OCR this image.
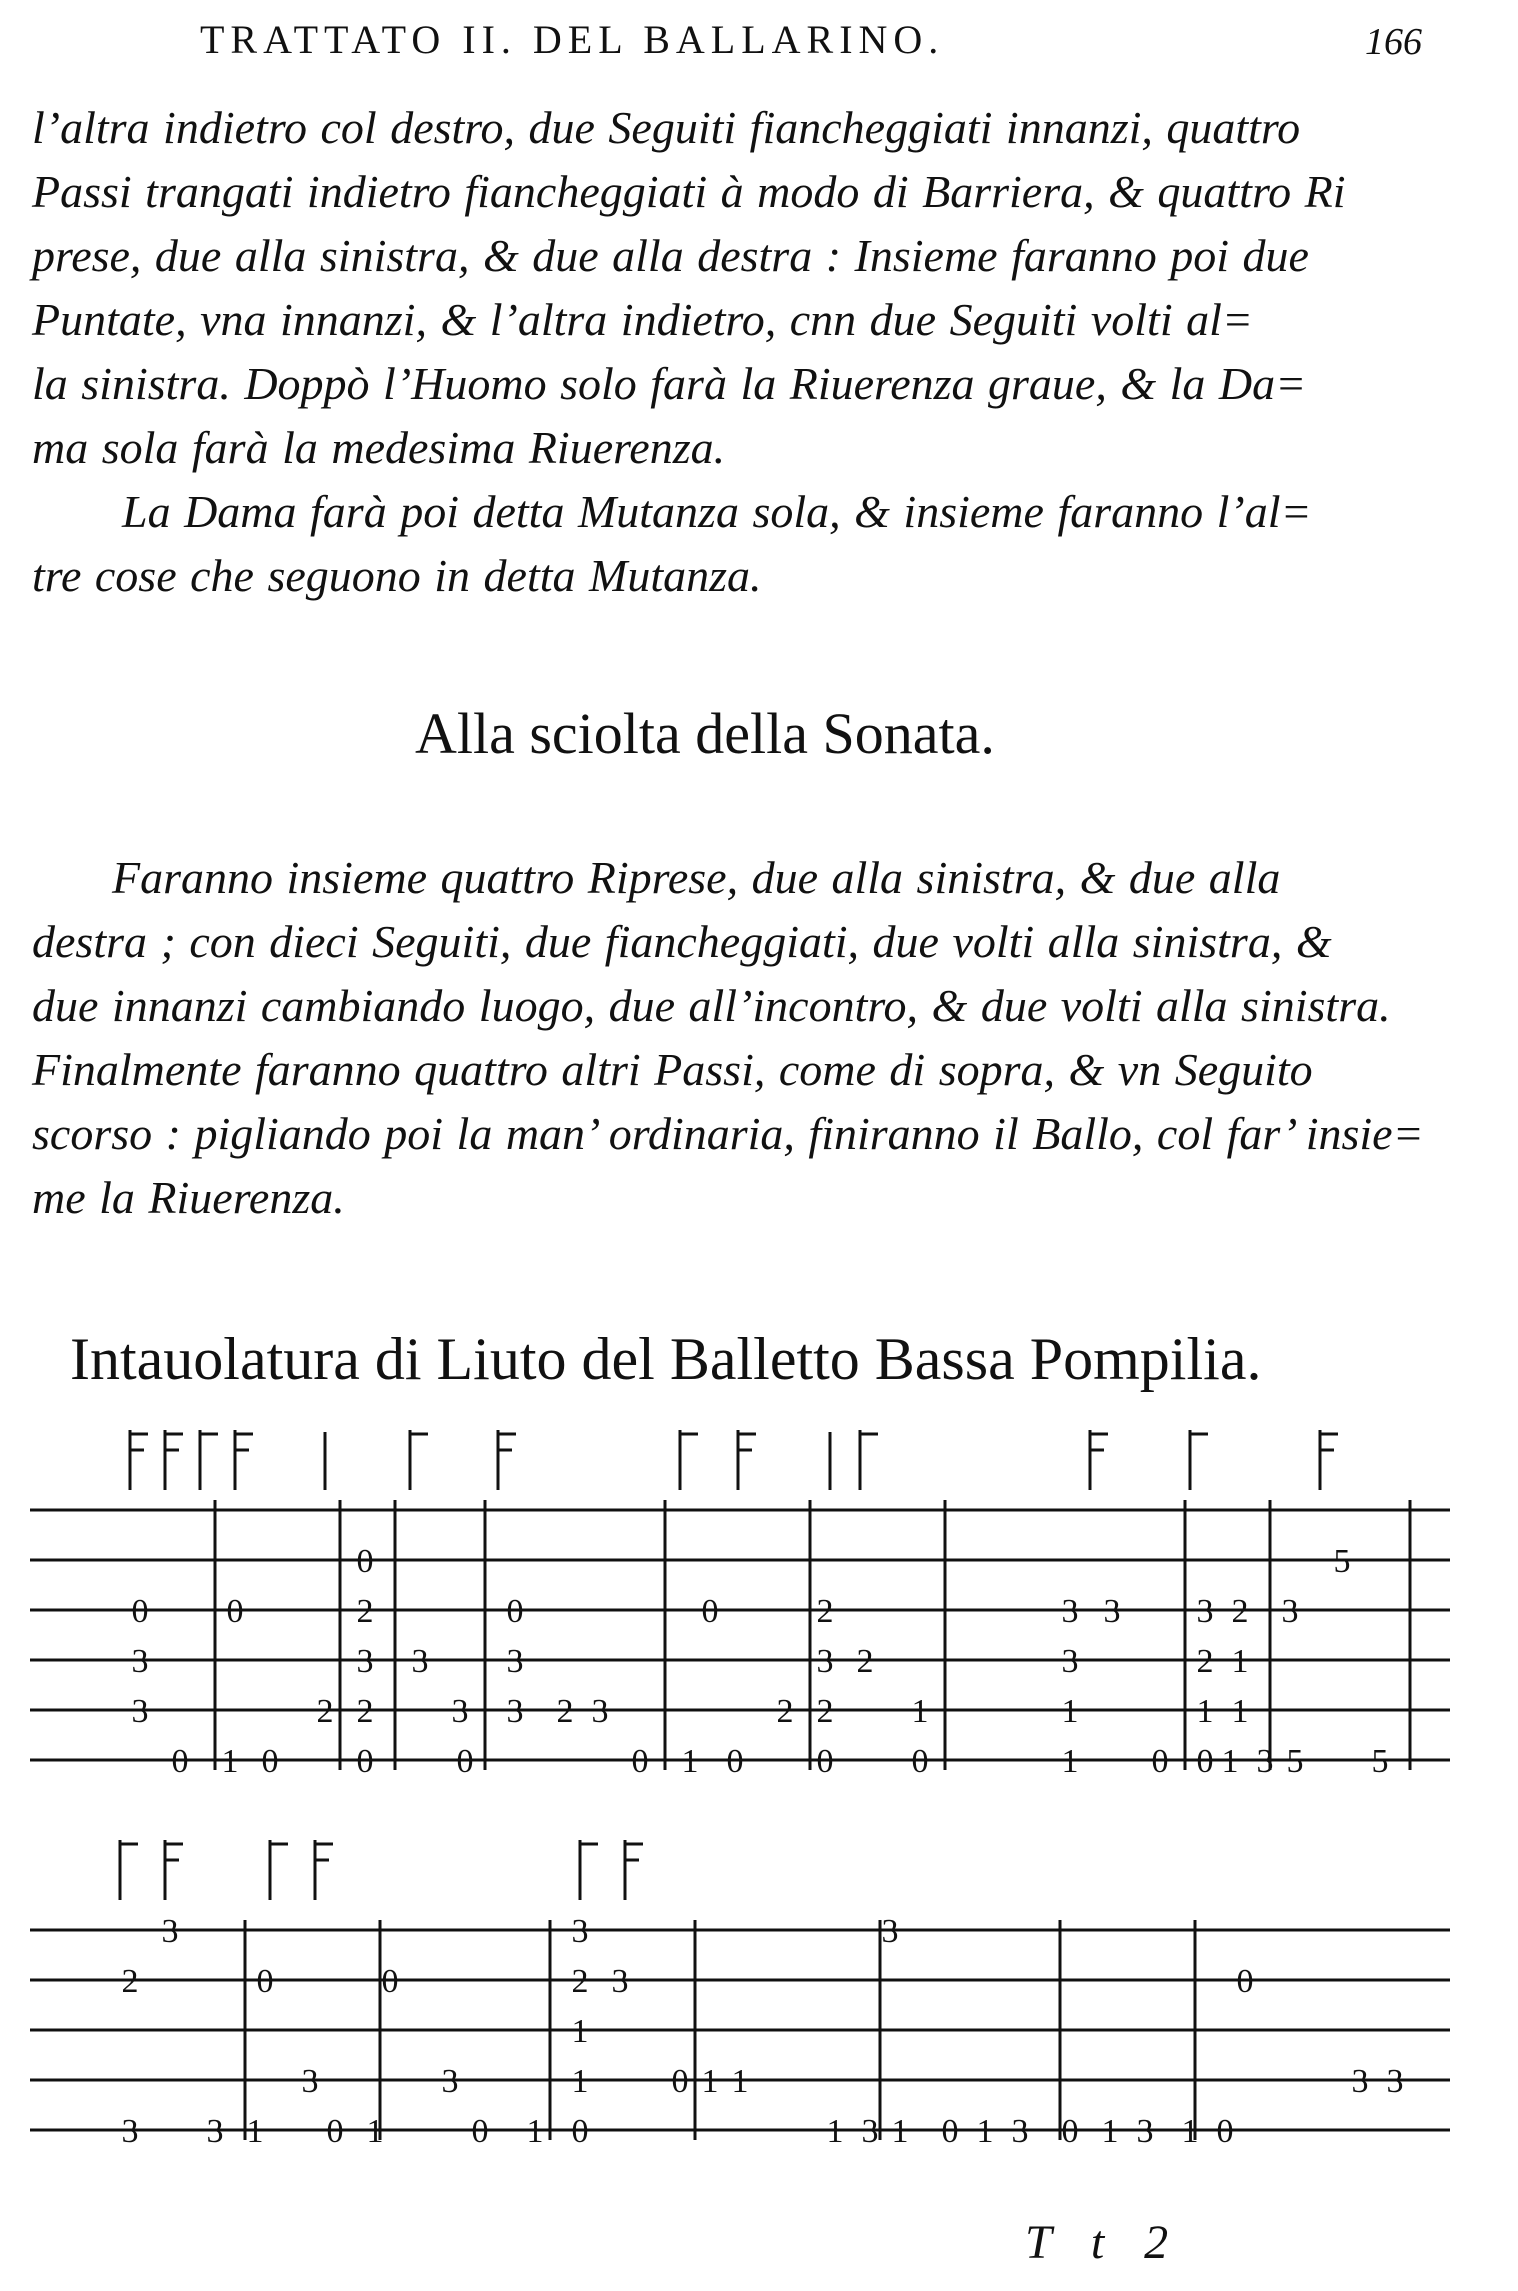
TRATTATO II. DEL BALLARINO.	166
l’altra indietro col destro, due Seguiti fiancheggiati innanzi, quattro
Passi trangati indietro fiancheggiati à modo di Barriera, & quattro Ri
prese, due alla sinistra, & due alla destra : Insieme faranno poi due
Puntate, vna innanzi, & l’altra indietro, cnn due Seguiti volti al=
la sinistra. Doppò l’Huomo solo farà la Riuerenza graue, & la Da=
ma sola farà la medesima Riuerenza.
La Dama farà poi detta Mutanza sola, & insieme faranno l’al=
tre cose che seguono in detta Mutanza.
Alla sciolta della Sonata.
Faranno insieme quattro Riprese, due alla sinistra, & due alla
destra ; con dieci Seguiti, due fiancheggiati, due volti alla sinistra, &
due innanzi cambiando luogo, due all’incontro, & due volti alla sinistra.
Finalmente faranno quattro altri Passi, come di sopra, & vn Seguito
scorso : pigliando poi la man’ ordinaria, finiranno il Ballo, col far’ insie=
me la Riuerenza.
Intauolatura di Liuto del Balletto Bassa Pompilia.
0
0 0	2	0	0	2	3 3 3 2 3
5
3	3 3 3	3 2	3	2 1
3	2 2 3 3 2 3	2 2 1	1	1 1
0 1 0 0 0	0 0
1	0 0	0
1	0 1 3 5 5
3	3	3
2	0	0	2 3	0
1
3	3	1 0 1 1	3 3
3 3 1 0 1	0 1 0	1 3 1 0 1 3 0 1 3 1 0
T t 2
